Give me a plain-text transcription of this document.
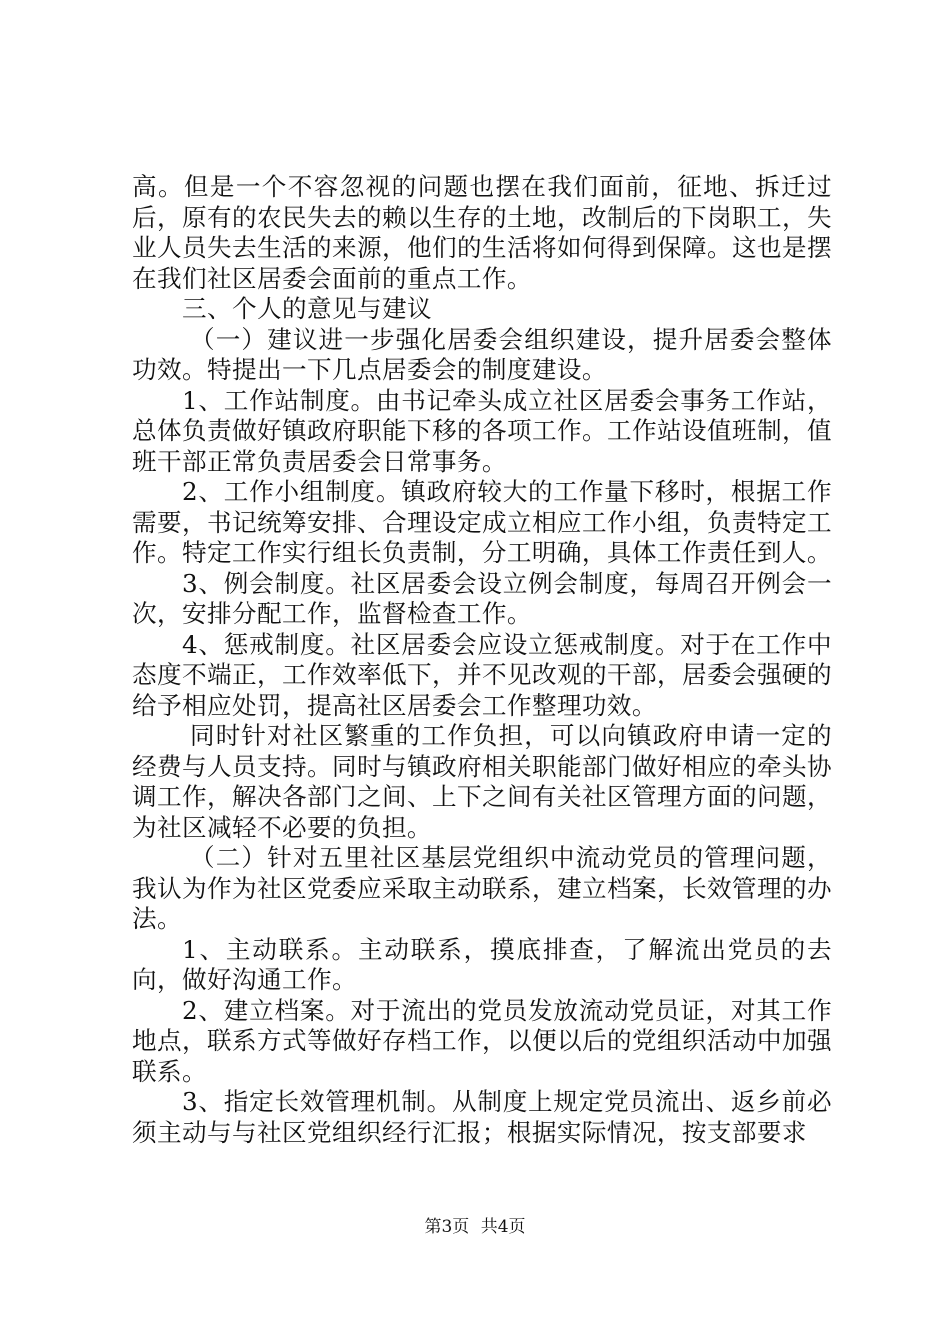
高。但是一个不容忽视的问题也摆在我们面前，征地、拆迁过后，原有的农民失去的赖以生存的土地，改制后的下岗职工，失业人员失去生活的来源，他们的生活将如何得到保障。这也是摆在我们社区居委会面前的重点工作。

三、个人的意见与建议

（一）建议进一步强化居委会组织建设，提升居委会整体功效。特提出一下几点居委会的制度建设。

1、工作站制度。由书记牵头成立社区居委会事务工作站，总体负责做好镇政府职能下移的各项工作。工作站设值班制，值班干部正常负责居委会日常事务。

2、工作小组制度。镇政府较大的工作量下移时，根据工作需要，书记统筹安排、合理设定成立相应工作小组，负责特定工作。特定工作实行组长负责制，分工明确，具体工作责任到人。

3、例会制度。社区居委会设立例会制度，每周召开例会一次，安排分配工作，监督检查工作。

4、惩戒制度。社区居委会应设立惩戒制度。对于在工作中态度不端正，工作效率低下，并不见改观的干部，居委会强硬的给予相应处罚，提高社区居委会工作整理功效。

同时针对社区繁重的工作负担，可以向镇政府申请一定的经费与人员支持。同时与镇政府相关职能部门做好相应的牵头协调工作，解决各部门之间、上下之间有关社区管理方面的问题，为社区减轻不必要的负担。

（二）针对五里社区基层党组织中流动党员的管理问题，我认为作为社区党委应采取主动联系，建立档案，长效管理的办法。

1、主动联系。主动联系，摸底排查，了解流出党员的去向，做好沟通工作。

2、建立档案。对于流出的党员发放流动党员证，对其工作地点，联系方式等做好存档工作，以便以后的党组织活动中加强联系。

3、指定长效管理机制。从制度上规定党员流出、返乡前必须主动与与社区党组织经行汇报；根据实际情况，按支部要求

第3页 共4页
